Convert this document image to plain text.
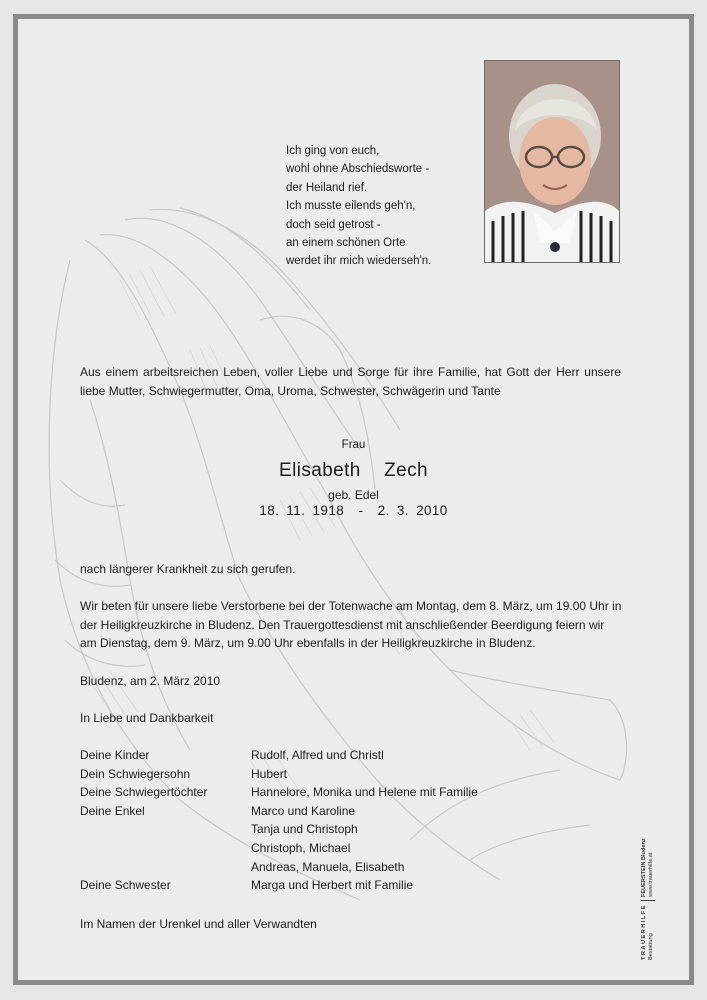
Ich ging von euch,
wohl ohne Abschiedsworte -
der Heiland rief.
Ich musste eilends geh'n,
doch seid getrost -
an einem schönen Orte
werdet ihr mich wiederseh'n.
Aus einem arbeitsreichen Leben, voller Liebe und Sorge für ihre Familie, hat Gott der Herr unsere liebe Mutter, Schwiegermutter, Oma, Uroma, Schwester, Schwägerin und Tante
Frau
Elisabeth  Zech
geb. Edel
18. 11. 1918  -  2. 3. 2010
nach längerer Krankheit zu sich gerufen.
Wir beten für unsere liebe Verstorbene bei der Totenwache am Montag, dem 8. März, um 19.00 Uhr in der Heiligkreuzkirche in Bludenz. Den Trauergottesdienst mit anschließender Beerdigung feiern wir am Dienstag, dem 9. März, um 9.00 Uhr ebenfalls in der Heiligkreuzkirche in Bludenz.
Bludenz, am 2. März 2010
In Liebe und Dankbarkeit
Deine Kinder	Rudolf, Alfred und Christl
Dein Schwiegersohn	Hubert
Deine Schwiegertöchter	Hannelore, Monika und Helene mit Familie
Deine Enkel	Marco und Karoline
Tanja und Christoph
Christoph, Michael
Andreas, Manuela, Elisabeth
Deine Schwester	Marga und Herbert mit Familie
Im Namen der Urenkel und aller Verwandten	TRAUERHILFE Bestattung
FEUERSTEIN Bludenz www.trauerhilfe.at
